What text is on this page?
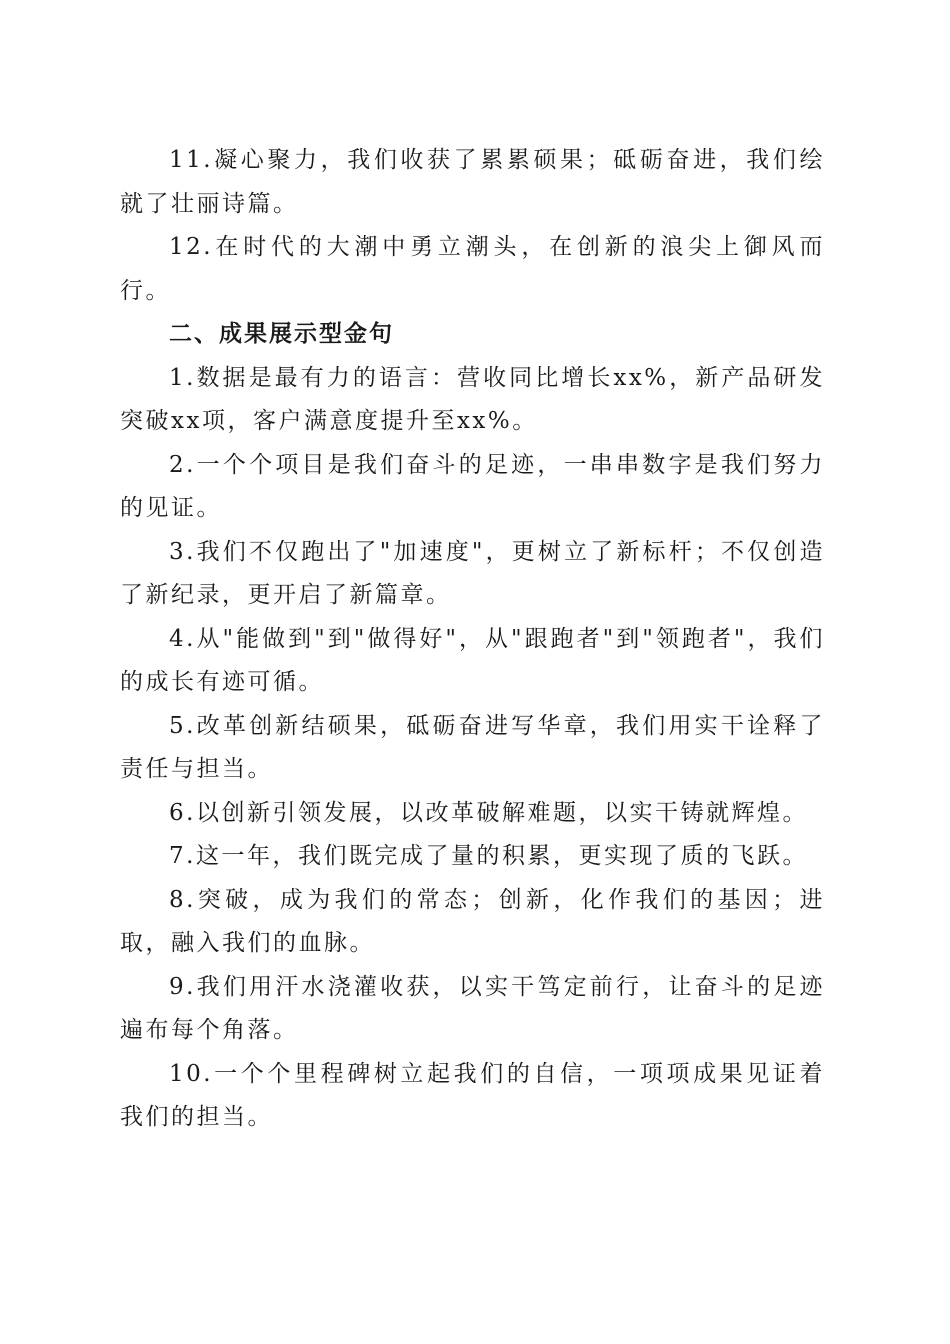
11.凝心聚力，我们收获了累累硕果；砥砺奋进，我们绘就了壮丽诗篇。

12.在时代的大潮中勇立潮头，在创新的浪尖上御风而行。

二、成果展示型金句

1.数据是最有力的语言：营收同比增长xx%，新产品研发突破xx项，客户满意度提升至xx%。

2.一个个项目是我们奋斗的足迹，一串串数字是我们努力的见证。

3.我们不仅跑出了"加速度"，更树立了新标杆；不仅创造了新纪录，更开启了新篇章。

4.从"能做到"到"做得好"，从"跟跑者"到"领跑者"，我们的成长有迹可循。

5.改革创新结硕果，砥砺奋进写华章，我们用实干诠释了责任与担当。

6.以创新引领发展，以改革破解难题，以实干铸就辉煌。

7.这一年，我们既完成了量的积累，更实现了质的飞跃。

8.突破，成为我们的常态；创新，化作我们的基因；进取，融入我们的血脉。

9.我们用汗水浇灌收获，以实干笃定前行，让奋斗的足迹遍布每个角落。

10.一个个里程碑树立起我们的自信，一项项成果见证着我们的担当。
